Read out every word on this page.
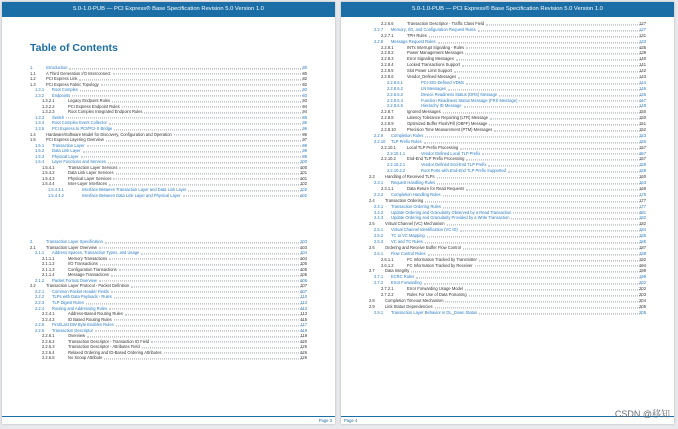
5.0-1.0-PUB — PCI Express® Base Specification Revision 5.0 Version 1.0
Table of Contents
1.	Introduction	80
1.1	A Third Generation I/O Interconnect	80
1.2	PCI Express Link	82
1.3	PCI Express Fabric Topology	92
1.3.1 Root Complex	92
1.3.2 Endpoints	93
1.3.2.1	Legacy Endpoint Rules	93
1.3.2.2	PCI Express Endpoint Rules	94
1.3.2.3	Root Complex Integrated Endpoint Rules	94
1.3.3 Switch	95
1.3.4 Root Complex Event Collector	96
1.3.5 PCI Express to PCI/PCI-X Bridge	96
1.4	Hardware/Software Model for Discovery, Configuration and Operation	96
1.5	PCI Express Layering Overview	97
1.5.1 Transaction Layer	99
1.5.2 Data Link Layer	99
1.5.3 Physical Layer	99
1.5.4 Layer Functions and Services	100
1.5.4.1	Transaction Layer Services	100
1.5.4.2	Data Link Layer Services	101
1.5.4.3	Physical Layer Services	101
1.5.4.4	Inter-Layer Interfaces	102
1.5.4.4.1	Interface Between Transaction Layer and Data Link Layer	102
1.5.4.4.2	Interface Between Data Link Layer and Physical Layer	102
2.	Transaction Layer Specification	103
2.1	Transaction Layer Overview	103
2.1.1 Address Spaces, Transaction Types, and Usage	104
2.1.1.1	Memory Transactions	104
2.1.1.2	I/O Transactions	105
2.1.1.3	Configuration Transactions	105
2.1.1.4	Message Transactions	105
2.1.2 Packet Format Overview	106
2.2	Transaction Layer Protocol - Packet Definition	107
2.2.1 Common Packet Header Fields	107
2.2.2 TLPs with Data Payloads - Rules	110
2.2.3 TLP Digest Rules	113
2.2.4 Routing and Addressing Rules	113
2.2.4.1	Address-Based Routing Rules	113
2.2.4.2	ID Based Routing Rules	115
2.2.5 First/Last DW Byte Enables Rules	117
2.2.6 Transaction Descriptor	119
2.2.6.1	Overview	119
2.2.6.2	Transaction Descriptor - Transaction ID Field	120
2.2.6.3	Transaction Descriptor - Attributes Field	125
2.2.6.4	Relaxed Ordering and ID-Based Ordering Attributes	126
2.2.6.5	No Snoop Attribute	126
Page 3
5.0-1.0-PUB — PCI Express® Base Specification Revision 5.0 Version 1.0
2.2.6.6	Transaction Descriptor - Traffic Class Field	127
2.2.7 Memory, I/O, and Configuration Request Rules	127
2.2.7.1	TPH Rules	131
2.2.8 Message Request Rules	133
2.2.8.1	INTx Interrupt Signaling - Rules	135
2.2.8.2	Power Management Messages	139
2.2.8.3	Error Signaling Messages	140
2.2.8.4	Locked Transactions Support	141
2.2.8.5	Slot Power Limit Support	142
2.2.8.6	Vendor_Defined Messages	143
2.2.8.6.1	PCI-SIG-Defined VDMs	144
2.2.8.6.2	LN Messages	145
2.2.8.6.3	Device Readiness Status (DRS) Message	146
2.2.8.6.4	Function Readiness Status Message (FRS Message)	147
2.2.8.6.5	Hierarchy ID Message	148
2.2.8.7	Ignored Messages	150
2.2.8.8	Latency Tolerance Reporting (LTR) Message	150
2.2.8.9	Optimized Buffer Flush/Fill (OBFF) Message	151
2.2.8.10	Precision Time Measurement (PTM) Messages	152
2.2.9 Completion Rules	153
2.2.10 TLP Prefix Rules	156
2.2.10.1	Local TLP Prefix Processing	157
2.2.10.1.1	Vendor Defined Local TLP Prefix	157
2.2.10.2	End-End TLP Prefix Processing	157
2.2.10.2.1	Vendor Defined End-End TLP Prefix	159
2.2.10.2.2	Root Ports with End-End TLP Prefix Supported	159
2.3	Handling of Received TLPs	160
2.3.1 Request Handling Rules	163
2.3.1.1	Data Return for Read Requests	169
2.3.2 Completion Handling Rules	175
2.4	Transaction Ordering	177
2.4.1 Transaction Ordering Rules	177
2.4.2 Update Ordering and Granularity Observed by a Read Transaction	181
2.4.3 Update Ordering and Granularity Provided by a Write Transaction	182
2.5	Virtual Channel (VC) Mechanism	182
2.5.1 Virtual Channel Identification (VC ID)	184
2.5.2 TC to VC Mapping	185
2.5.3 VC and TC Rules	186
2.6	Ordering and Receive Buffer Flow Control	187
2.6.1 Flow Control Rules	188
2.6.1.1	FC Information Tracked by Transmitter	192
2.6.1.2	FC Information Tracked by Receiver	194
2.7	Data Integrity	199
2.7.1 ECRC Rules	199
2.7.2 Error Forwarding	202
2.7.2.1	Error Forwarding Usage Model	202
2.7.2.2	Rules For Use of Data Poisoning	203
2.8	Completion Timeout Mechanism	204
2.9	Link Status Dependencies	205
2.9.1 Transaction Layer Behavior in DL_Down Status	205
Page 4
CSDN @移知
